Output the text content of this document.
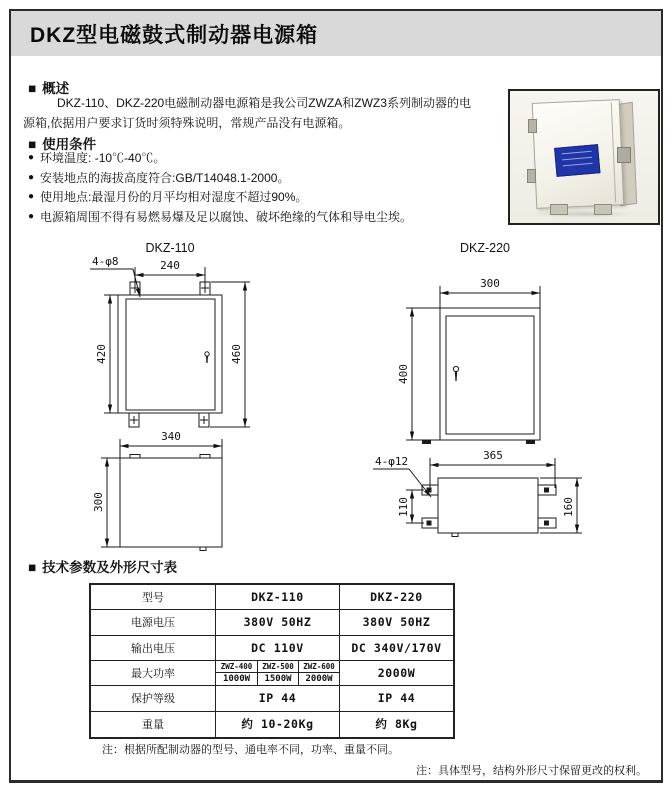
DKZ型电磁鼓式制动器电源箱
■ 概述
DKZ-110、DKZ-220电磁制动器电源箱是我公司ZWZA和ZWZ3系列制动器的电源箱,依据用户要求订货时须特殊说明，常规产品没有电源箱。
■ 使用条件
● 环境温度: -10℃-40℃。
● 安装地点的海拔高度符合:GB/T14048.1-2000。
● 使用地点:最湿月份的月平均相对湿度不超过90%。
● 电源箱周围不得有易燃易爆及足以腐蚀、破坏绝缘的气体和导电尘埃。
DKZ-110
240
4-φ8
420	460
340
300
DKZ-220
300
400
4-φ12	365
110	160
■ 技术参数及外形尺寸表
型号	DKZ-110	DKZ-220
电源电压	380V 50HZ	380V 50HZ
输出电压	DC 110V	DC 340V/170V
最大功率
ZWZ-400	ZWZ-500	ZWZ-600
1000W	1500W	2000W	2000W
保护等级	IP 44	IP 44
重量	约 10-20Kg	约 8Kg
注：根据所配制动器的型号、通电率不同，功率、重量不同。
注：具体型号，结构外形尺寸保留更改的权利。
